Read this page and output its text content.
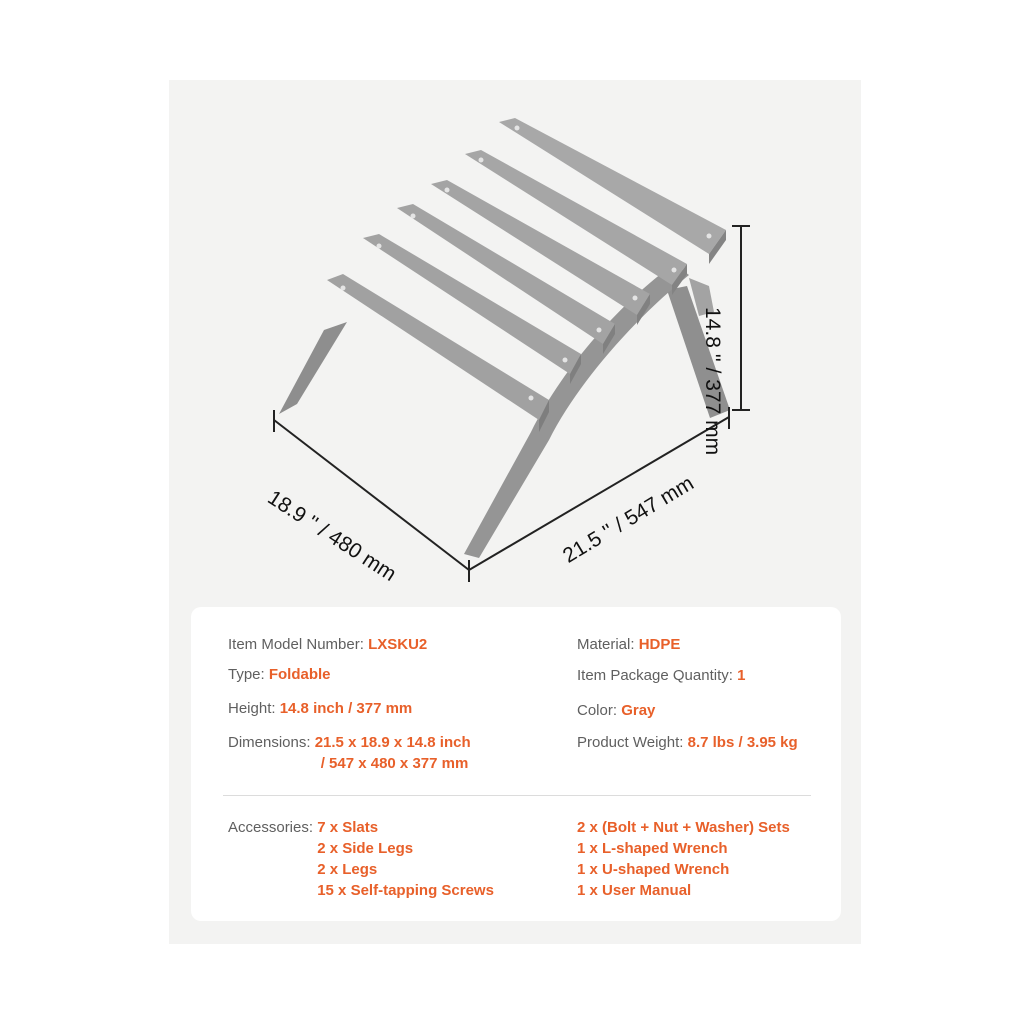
14.8 '' / 377 mm
18.9 '' / 480 mm	21.5 '' / 547 mm
Item Model Number: LXSKU2
Type: Foldable
Height: 14.8 inch / 377 mm
Dimensions: 21.5 x 18.9 x 14.8 inch
/ 547 x 480 x 377 mm
Material: HDPE
Item Package Quantity: 1
Color: Gray
Product Weight: 8.7 lbs / 3.95 kg
Accessories: 7 x Slats
2 x Side Legs
2 x Legs
15 x Self-tapping Screws
2 x (Bolt + Nut + Washer) Sets
1 x L-shaped Wrench
1 x U-shaped Wrench
1 x User Manual
